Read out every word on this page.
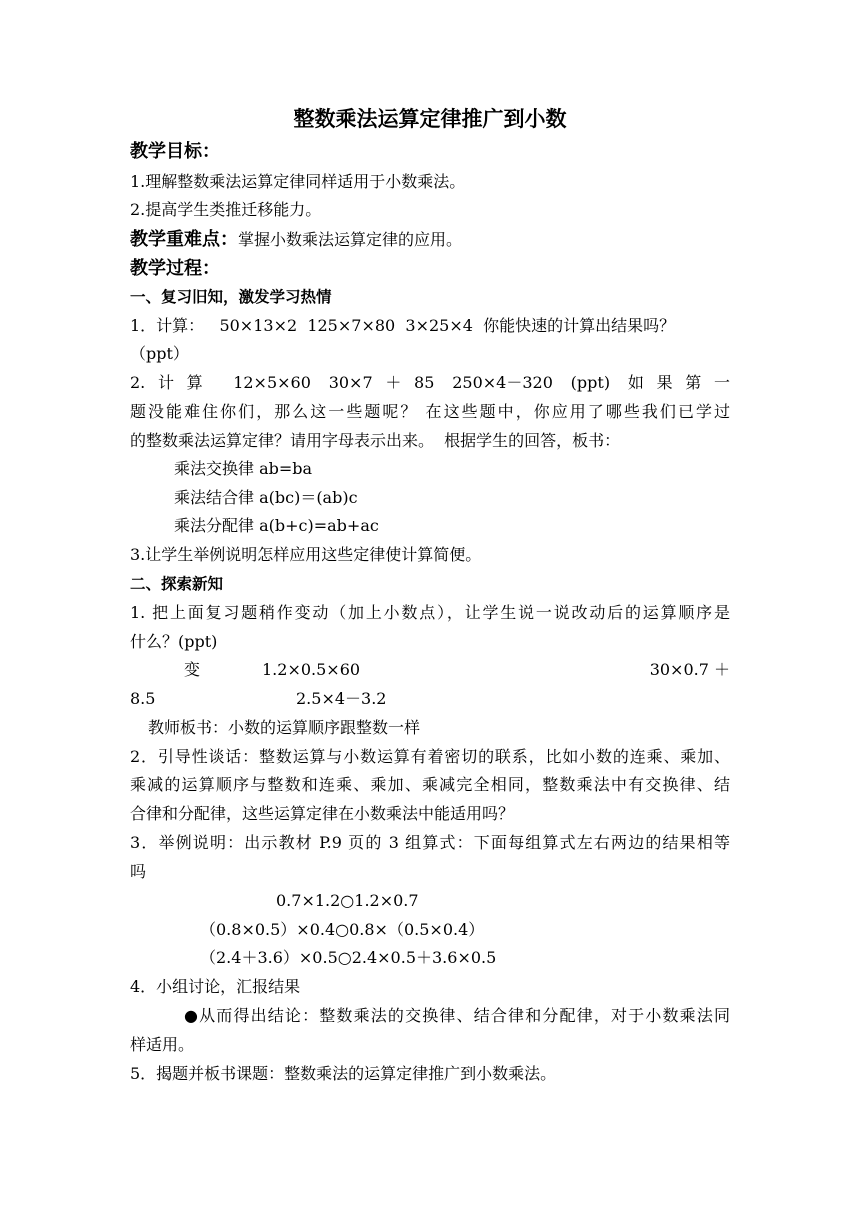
整数乘法运算定律推广到小数
教学目标：
1.理解整数乘法运算定律同样适用于小数乘法。
2.提高学生类推迁移能力。
教学重难点：掌握小数乘法运算定律的应用。
教学过程：
一、复习旧知，激发学习热情
1．计算：   50×13×2  125×7×80  3×25×4  你能快速的计算出结果吗？
（ppt）
2.计算 12×5×60 30×7＋85 250×4－320 (ppt) 如果第一
题没能难住你们，那么这一些题呢？ 在这些题中，你应用了哪些我们已学过
的整数乘法运算定律？请用字母表示出来。  根据学生的回答，板书：
乘法交换律 ab=ba
乘法结合律 a(bc)＝(ab)c
乘法分配律 a(b+c)=ab+ac
3.让学生举例说明怎样应用这些定律使计算简便。
二、探索新知
1. 把上面复习题稍作变动（加上小数点），让学生说一说改动后的运算顺序是
什么？(ppt)
变	1.2×0.5×60	30×0.7 ＋
8.5	2.5×4－3.2
教师板书：小数的运算顺序跟整数一样
2．引导性谈话：整数运算与小数运算有着密切的联系，比如小数的连乘、乘加、
乘减的运算顺序与整数和连乘、乘加、乘减完全相同，整数乘法中有交换律、结
合律和分配律，这些运算定律在小数乘法中能适用吗？
3．举例说明：出示教材 P.9 页的 3 组算式：下面每组算式左右两边的结果相等
吗
0.7×1.2○1.2×0.7
（0.8×0.5）×0.4○0.8×（0.5×0.4）
（2.4＋3.6）×0.5○2.4×0.5＋3.6×0.5
4．小组讨论，汇报结果
●从而得出结论：整数乘法的交换律、结合律和分配律，对于小数乘法同
样适用。
5．揭题并板书课题：整数乘法的运算定律推广到小数乘法。
